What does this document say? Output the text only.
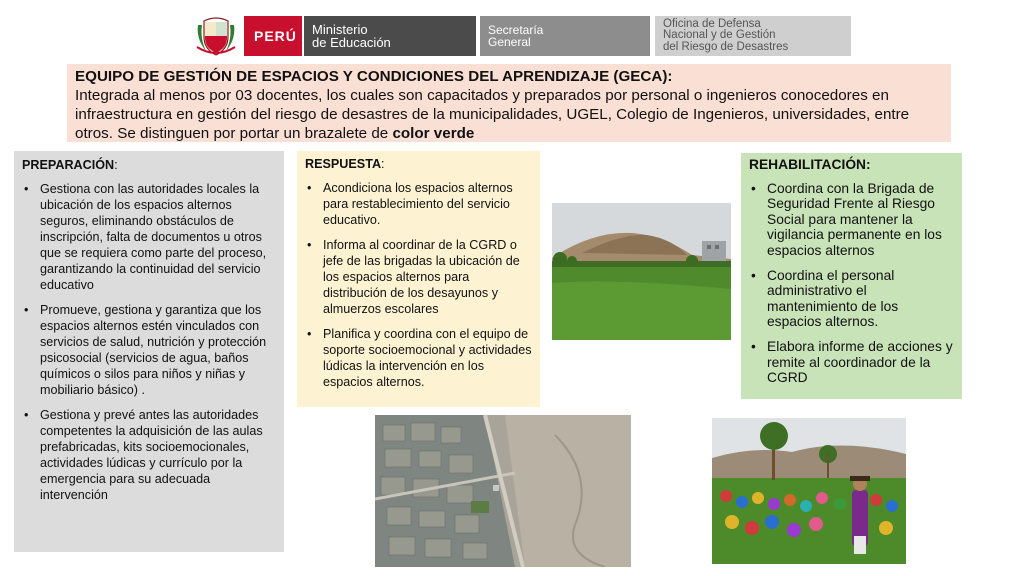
PERÚ	Ministerio
de Educación
Secretaría
General
Oficina de Defensa
Nacional y de Gestión
del Riesgo de Desastres
EQUIPO DE GESTIÓN DE ESPACIOS Y CONDICIONES DEL APRENDIZAJE (GECA):
Integrada al menos por 03 docentes, los cuales son capacitados y preparados por personal o ingenieros conocedores en infraestructura en gestión del riesgo de desastres de la municipalidades, UGEL, Colegio de Ingenieros, universidades, entre otros. Se distinguen por portar un brazalete de color verde
PREPARACIÓN:
• Gestiona con las autoridades locales la ubicación de los espacios alternos seguros, eliminando obstáculos de inscripción, falta de documentos u otros que se requiera como parte del proceso, garantizando la continuidad del servicio educativo
• Promueve, gestiona y garantiza que los espacios alternos estén vinculados con servicios de salud, nutrición y protección psicosocial (servicios de agua, baños químicos o silos para niños y niñas y mobiliario básico) .
• Gestiona y prevé antes las autoridades competentes la adquisición de las aulas prefabricadas, kits socioemocionales, actividades lúdicas y currículo por la emergencia para su adecuada intervención
RESPUESTA:
• Acondiciona los espacios alternos para restablecimiento del servicio educativo.
• Informa al coordinar de la CGRD o jefe de las brigadas la ubicación de los espacios alternos para distribución de los desayunos y almuerzos escolares
• Planifica y coordina con el equipo de soporte socioemocional y actividades lúdicas la intervención en los espacios alternos.
REHABILITACIÓN:
• Coordina con la Brigada de Seguridad Frente al Riesgo Social para mantener la vigilancia permanente en los espacios alternos
• Coordina el personal administrativo el mantenimiento de los espacios alternos.
• Elabora informe de acciones y remite al coordinador de la CGRD
